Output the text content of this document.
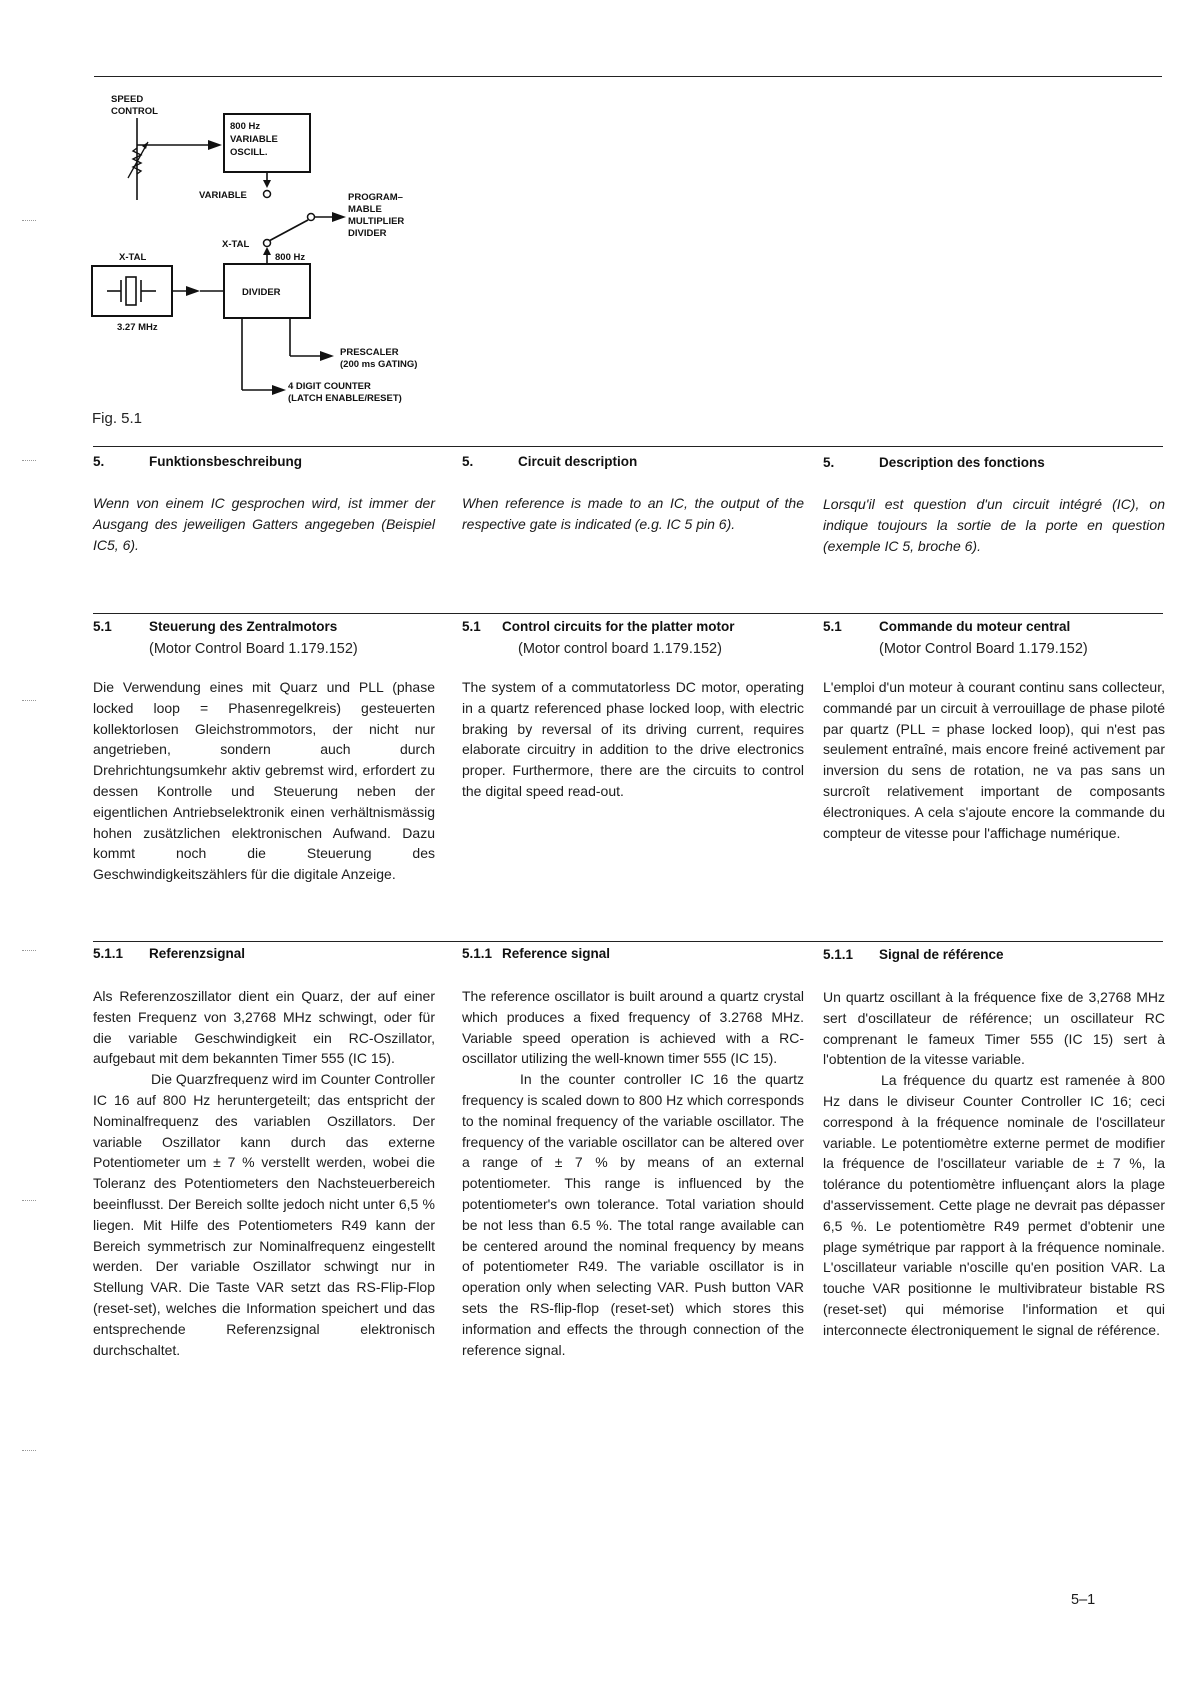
SPEED
CONTROL
800 Hz
VARIABLE
OSCILL.
VARIABLE	PROGRAM–
MABLE
MULTIPLIER
DIVIDER
X-TAL
800 Hz
X-TAL
3.27 MHz
DIVIDER
PRESCALER
(200 ms GATING)
4 DIGIT COUNTER
(LATCH ENABLE/RESET)
Fig. 5.1
5.	Funktionsbeschreibung

Wenn von einem IC gesprochen wird, ist immer der Ausgang des jeweiligen Gatters angegeben (Beispiel IC5, 6).

5.	Circuit description

When reference is made to an IC, the output of the respective gate is indicated (e.g. IC 5 pin 6).

5.	Description des fonctions

Lorsqu'il est question d'un circuit intégré (IC), on indique toujours la sortie de la porte en question (exemple IC 5, broche 6).

5.1	Steuerung des Zentralmotors
(Motor Control Board 1.179.152)

Die Verwendung eines mit Quarz und PLL (phase locked loop = Phasenregelkreis) gesteuerten kollektorlosen Gleichstrommotors, der nicht nur angetrieben, sondern auch durch Drehrichtungsumkehr aktiv gebremst wird, erfordert zu dessen Kontrolle und Steuerung neben der eigentlichen Antriebselektronik einen verhältnismässig hohen zusätzlichen elektronischen Aufwand. Dazu kommt noch die Steuerung des Geschwindigkeitszählers für die digitale Anzeige.

5.1 Control circuits for the platter motor
(Motor control board 1.179.152)

The system of a commutatorless DC motor, operating in a quartz referenced phase locked loop, with electric braking by reversal of its driving current, requires elaborate circuitry in addition to the drive electronics proper. Furthermore, there are the circuits to control the digital speed read-out.

5.1	Commande du moteur central
(Motor Control Board 1.179.152)

L'emploi d'un moteur à courant continu sans collecteur, commandé par un circuit à verrouillage de phase piloté par quartz (PLL = phase locked loop), qui n'est pas seulement entraîné, mais encore freiné activement par inversion du sens de rotation, ne va pas sans un surcroît relativement important de composants électroniques. A cela s'ajoute encore la commande du compteur de vitesse pour l'affichage numérique.

5.1.1 Referenzsignal

Als Referenzoszillator dient ein Quarz, der auf einer festen Frequenz von 3,2768 MHz schwingt, oder für die variable Geschwindigkeit ein RC-Oszillator, aufgebaut mit dem bekannten Timer 555 (IC 15).

Die Quarzfrequenz wird im Counter Controller IC 16 auf 800 Hz heruntergeteilt; das entspricht der Nominalfrequenz des variablen Oszillators. Der variable Oszillator kann durch das externe Potentiometer um ± 7 % verstellt werden, wobei die Toleranz des Potentiometers den Nachsteuerbereich beeinflusst. Der Bereich sollte jedoch nicht unter 6,5 % liegen. Mit Hilfe des Potentiometers R49 kann der Bereich symmetrisch zur Nominalfrequenz eingestellt werden. Der variable Oszillator schwingt nur in Stellung VAR. Die Taste VAR setzt das RS-Flip-Flop (reset-set), welches die Information speichert und das entsprechende Referenzsignal elektronisch durchschaltet.

5.1.1 Reference signal

The reference oscillator is built around a quartz crystal which produces a fixed frequency of 3.2768 MHz. Variable speed operation is achieved with a RC-oscillator utilizing the well-known timer 555 (IC 15).

In the counter controller IC 16 the quartz frequency is scaled down to 800 Hz which corresponds to the nominal frequency of the variable oscillator. The frequency of the variable oscillator can be altered over a range of ± 7 % by means of an external potentiometer. This range is influenced by the potentiometer's own tolerance. Total variation should be not less than 6.5 %. The total range available can be centered around the nominal frequency by means of potentiometer R49. The variable oscillator is in operation only when selecting VAR. Push button VAR sets the RS-flip-flop (reset-set) which stores this information and effects the through connection of the reference signal.

5.1.1 Signal de référence

Un quartz oscillant à la fréquence fixe de 3,2768 MHz sert d'oscillateur de référence; un oscillateur RC comprenant le fameux Timer 555 (IC 15) sert à l'obtention de la vitesse variable.

La fréquence du quartz est ramenée à 800 Hz dans le diviseur Counter Controller IC 16; ceci correspond à la fréquence nominale de l'oscillateur variable. Le potentiomètre externe permet de modifier la fréquence de l'oscillateur variable de ± 7 %, la tolérance du potentiomètre influençant alors la plage d'asservissement. Cette plage ne devrait pas dépasser 6,5 %. Le potentiomètre R49 permet d'obtenir une plage symétrique par rapport à la fréquence nominale. L'oscillateur variable n'oscille qu'en position VAR. La touche VAR positionne le multivibrateur bistable RS (reset-set) qui mémorise l'information et qui interconnecte électroniquement le signal de référence.

5–1
